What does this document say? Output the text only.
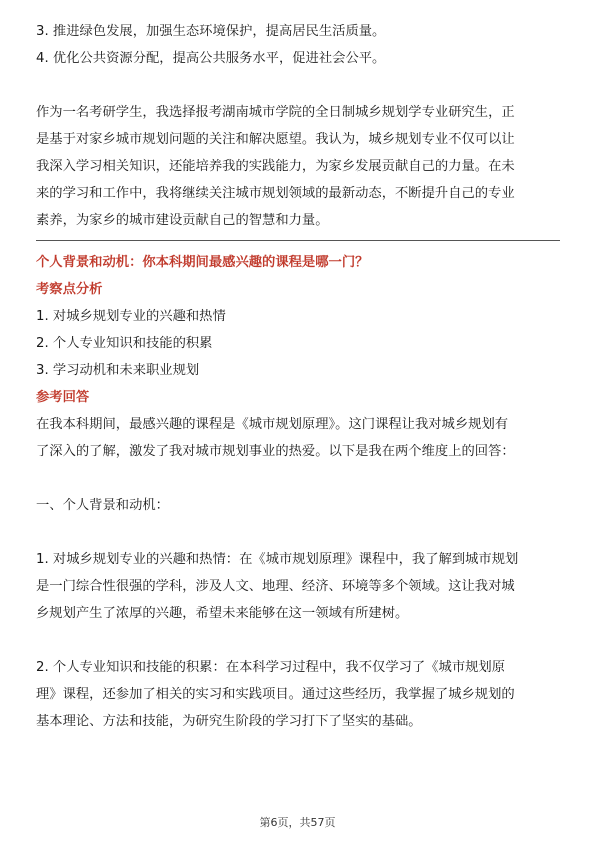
3. 推进绿色发展，加强生态环境保护，提高居民生活质量。

4. 优化公共资源分配，提高公共服务水平，促进社会公平。

作为一名考研学生，我选择报考湖南城市学院的全日制城乡规划学专业研究生，正

是基于对家乡城市规划问题的关注和解决愿望。我认为，城乡规划专业不仅可以让

我深入学习相关知识，还能培养我的实践能力，为家乡发展贡献自己的力量。在未

来的学习和工作中，我将继续关注城市规划领域的最新动态，不断提升自己的专业

素养，为家乡的城市建设贡献自己的智慧和力量。

个人背景和动机：你本科期间最感兴趣的课程是哪一门？

考察点分析

1. 对城乡规划专业的兴趣和热情

2. 个人专业知识和技能的积累

3. 学习动机和未来职业规划

参考回答

在我本科期间，最感兴趣的课程是《城市规划原理》。这门课程让我对城乡规划有

了深入的了解，激发了我对城市规划事业的热爱。以下是我在两个维度上的回答：

一、个人背景和动机：

1. 对城乡规划专业的兴趣和热情：在《城市规划原理》课程中，我了解到城市规划

是一门综合性很强的学科，涉及人文、地理、经济、环境等多个领域。这让我对城

乡规划产生了浓厚的兴趣，希望未来能够在这一领域有所建树。

2. 个人专业知识和技能的积累：在本科学习过程中，我不仅学习了《城市规划原

理》课程，还参加了相关的实习和实践项目。通过这些经历，我掌握了城乡规划的

基本理论、方法和技能，为研究生阶段的学习打下了坚实的基础。

第6页，共57页
